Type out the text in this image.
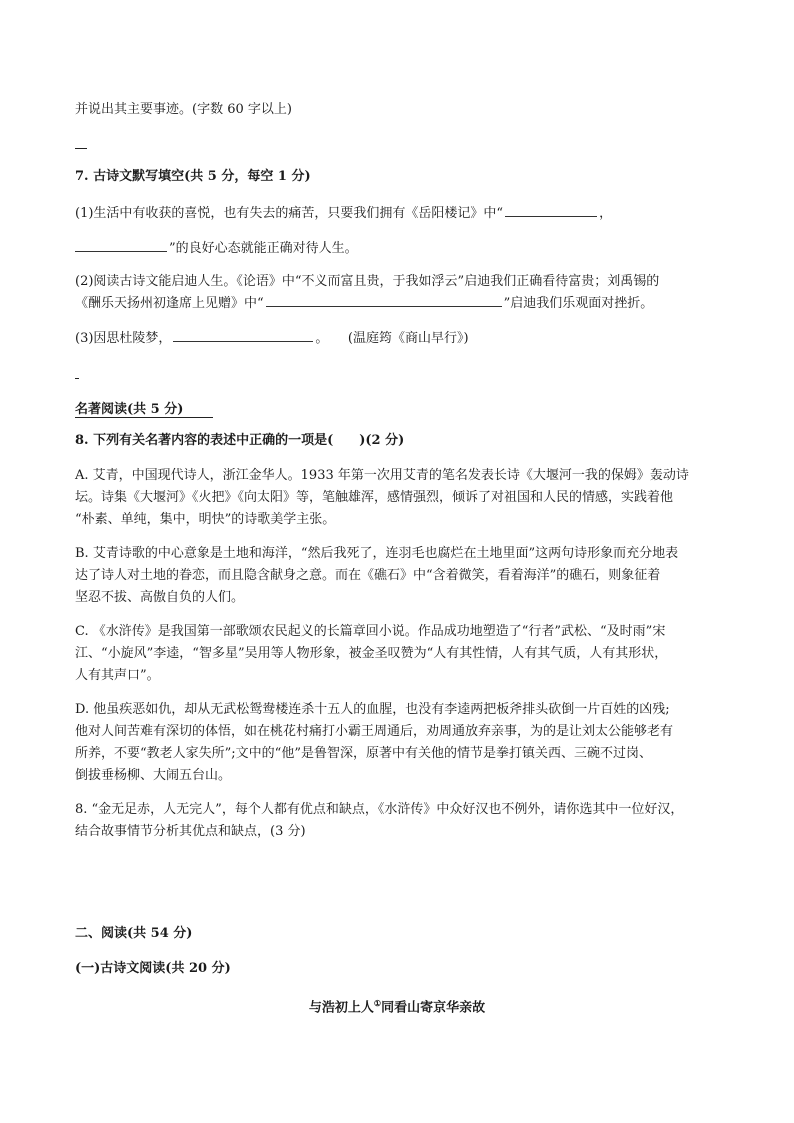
并说出其主要事迹。(字数 60 字以上)
7. 古诗文默写填空(共 5 分，每空 1 分)
(1)生活中有收获的喜悦，也有失去的痛苦，只要我们拥有《岳阳楼记》中“	，
”的良好心态就能正确对待人生。
(2)阅读古诗文能启迪人生。《论语》中“不义而富且贵，于我如浮云”启迪我们正确看待富贵；刘禹锡的
《酬乐天扬州初逢席上见赠》中“	”启迪我们乐观面对挫折。
(3)因思杜陵梦，	。　　(温庭筠《商山早行》)
名著阅读(共 5 分)
8. 下列有关名著内容的表述中正确的一项是(　　)(2 分)
A. 艾青，中国现代诗人，浙江金华人。1933 年第一次用艾青的笔名发表长诗《大堰河一我的保姆》轰动诗
坛。诗集《大堰河》《火把》《向太阳》等，笔触雄浑，感情强烈，倾诉了对祖国和人民的情感，实践着他
“朴素、单纯，集中，明快”的诗歌美学主张。
B. 艾青诗歌的中心意象是土地和海洋，“然后我死了，连羽毛也腐烂在土地里面”这两句诗形象而充分地表
达了诗人对土地的眷恋，而且隐含献身之意。而在《礁石》中“含着微笑，看着海洋”的礁石，则象征着
坚忍不拔、高傲自负的人们。
C. 《水浒传》是我国第一部歌颂农民起义的长篇章回小说。作品成功地塑造了“行者”武松、“及时雨”宋
江、“小旋风”李逵，“智多星”吴用等人物形象，被金圣叹赞为“人有其性情，人有其气质，人有其形状，
人有其声口”。
D. 他虽疾恶如仇，却从无武松鸳鸯楼连杀十五人的血腥，也没有李逵两把板斧排头砍倒一片百姓的凶残;
他对人间苦难有深切的体悟，如在桃花村痛打小霸王周通后，劝周通放弃亲事，为的是让刘太公能够老有
所养，不要“教老人家失所”;文中的“他”是鲁智深，原著中有关他的情节是拳打镇关西、三碗不过岗、
倒拔垂杨柳、大闹五台山。
8. “金无足赤，人无完人”，每个人都有优点和缺点，《水浒传》中众好汉也不例外，请你选其中一位好汉，
结合故事情节分析其优点和缺点，(3 分)
二、阅读(共 54 分)
(一)古诗文阅读(共 20 分)
与浩初上人①同看山寄京华亲故
